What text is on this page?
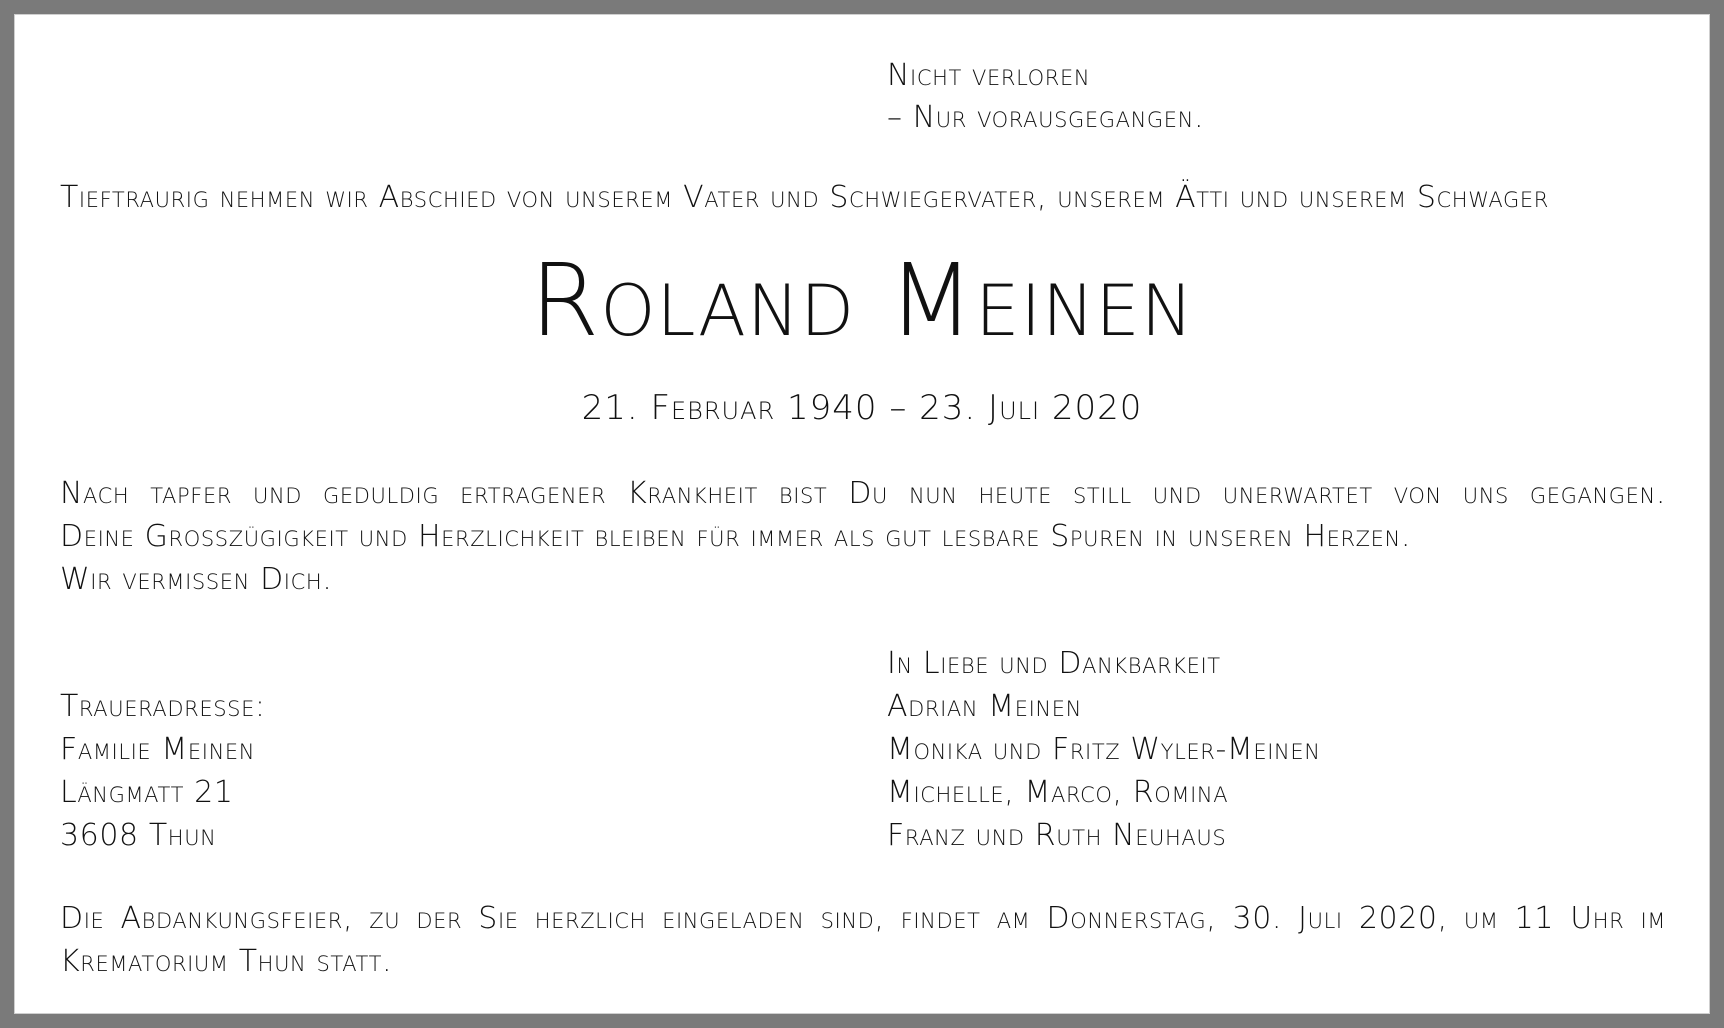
Nicht verloren
– Nur vorausgegangen.
Tieftraurig nehmen wir Abschied von unserem Vater und Schwiegervater, unserem Ätti und unserem Schwager
Roland Meinen
21. Februar 1940 – 23. Juli 2020
Nach tapfer und geduldig ertragener Krankheit bist Du nun heute still und unerwartet von uns gegangen.
Deine Grosszügigkeit und Herzlichkeit bleiben für immer als gut lesbare Spuren in unseren Herzen.
Wir vermissen Dich.
Traueradresse:
Familie Meinen
Längmatt 21
3608 Thun
In Liebe und Dankbarkeit
Adrian Meinen
Monika und Fritz Wyler-Meinen
Michelle, Marco, Romina
Franz und Ruth Neuhaus
Die Abdankungsfeier, zu der Sie herzlich eingeladen sind, findet am Donnerstag, 30. Juli 2020, um 11 Uhr im
Krematorium Thun statt.
